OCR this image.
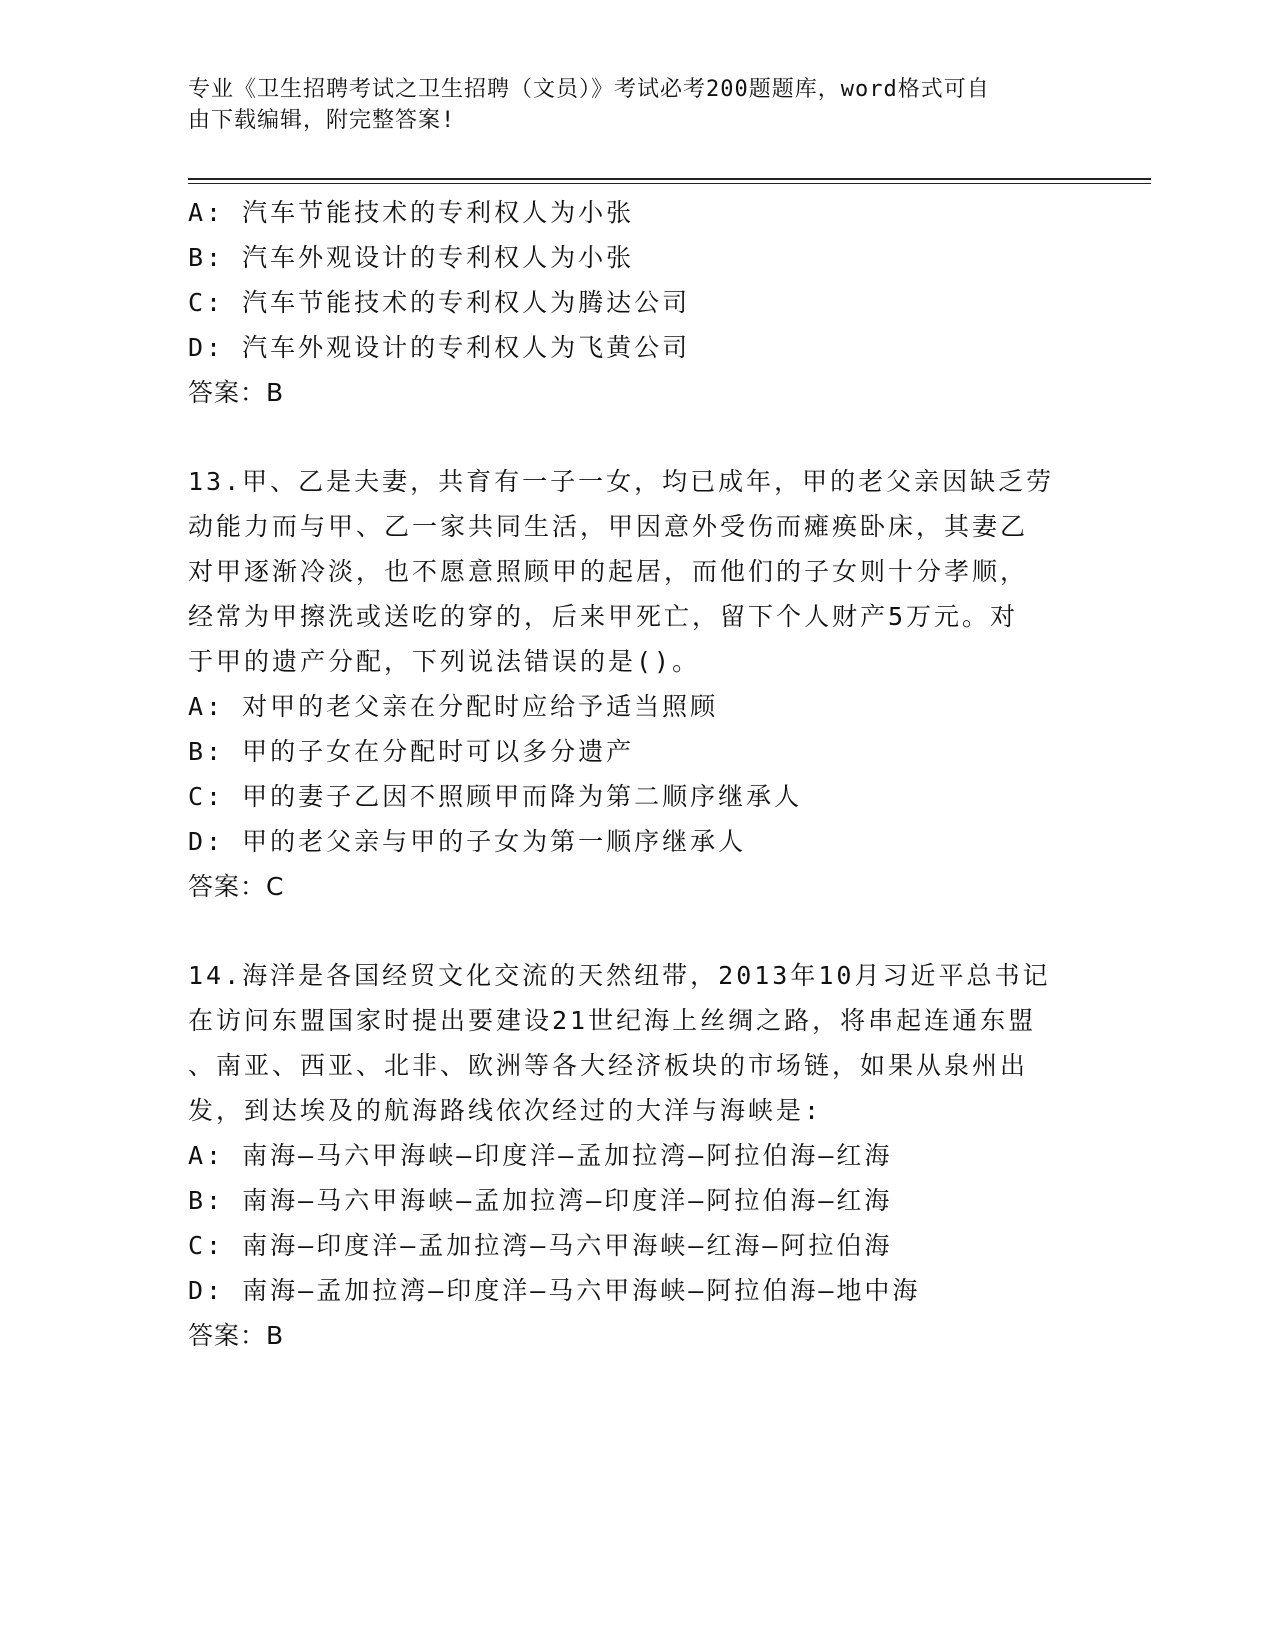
专业《卫生招聘考试之卫生招聘（文员）》考试必考200题题库，word格式可自
由下载编辑，附完整答案!
A: 汽车节能技术的专利权人为小张
B: 汽车外观设计的专利权人为小张
C: 汽车节能技术的专利权人为腾达公司
D: 汽车外观设计的专利权人为飞黄公司
答案：B
13.甲、乙是夫妻，共育有一子一女，均已成年，甲的老父亲因缺乏劳
动能力而与甲、乙一家共同生活，甲因意外受伤而瘫痪卧床，其妻乙
对甲逐渐冷淡，也不愿意照顾甲的起居，而他们的子女则十分孝顺，
经常为甲擦洗或送吃的穿的，后来甲死亡，留下个人财产5万元。对
于甲的遗产分配，下列说法错误的是()。
A: 对甲的老父亲在分配时应给予适当照顾
B: 甲的子女在分配时可以多分遗产
C: 甲的妻子乙因不照顾甲而降为第二顺序继承人
D: 甲的老父亲与甲的子女为第一顺序继承人
答案：C
14.海洋是各国经贸文化交流的天然纽带，2013年10月习近平总书记
在访问东盟国家时提出要建设21世纪海上丝绸之路，将串起连通东盟
、南亚、西亚、北非、欧洲等各大经济板块的市场链，如果从泉州出
发，到达埃及的航海路线依次经过的大洋与海峡是:
A: 南海—马六甲海峡—印度洋—孟加拉湾—阿拉伯海—红海
B: 南海—马六甲海峡—孟加拉湾—印度洋—阿拉伯海—红海
C: 南海—印度洋—孟加拉湾—马六甲海峡—红海—阿拉伯海
D: 南海—孟加拉湾—印度洋—马六甲海峡—阿拉伯海—地中海
答案：B
